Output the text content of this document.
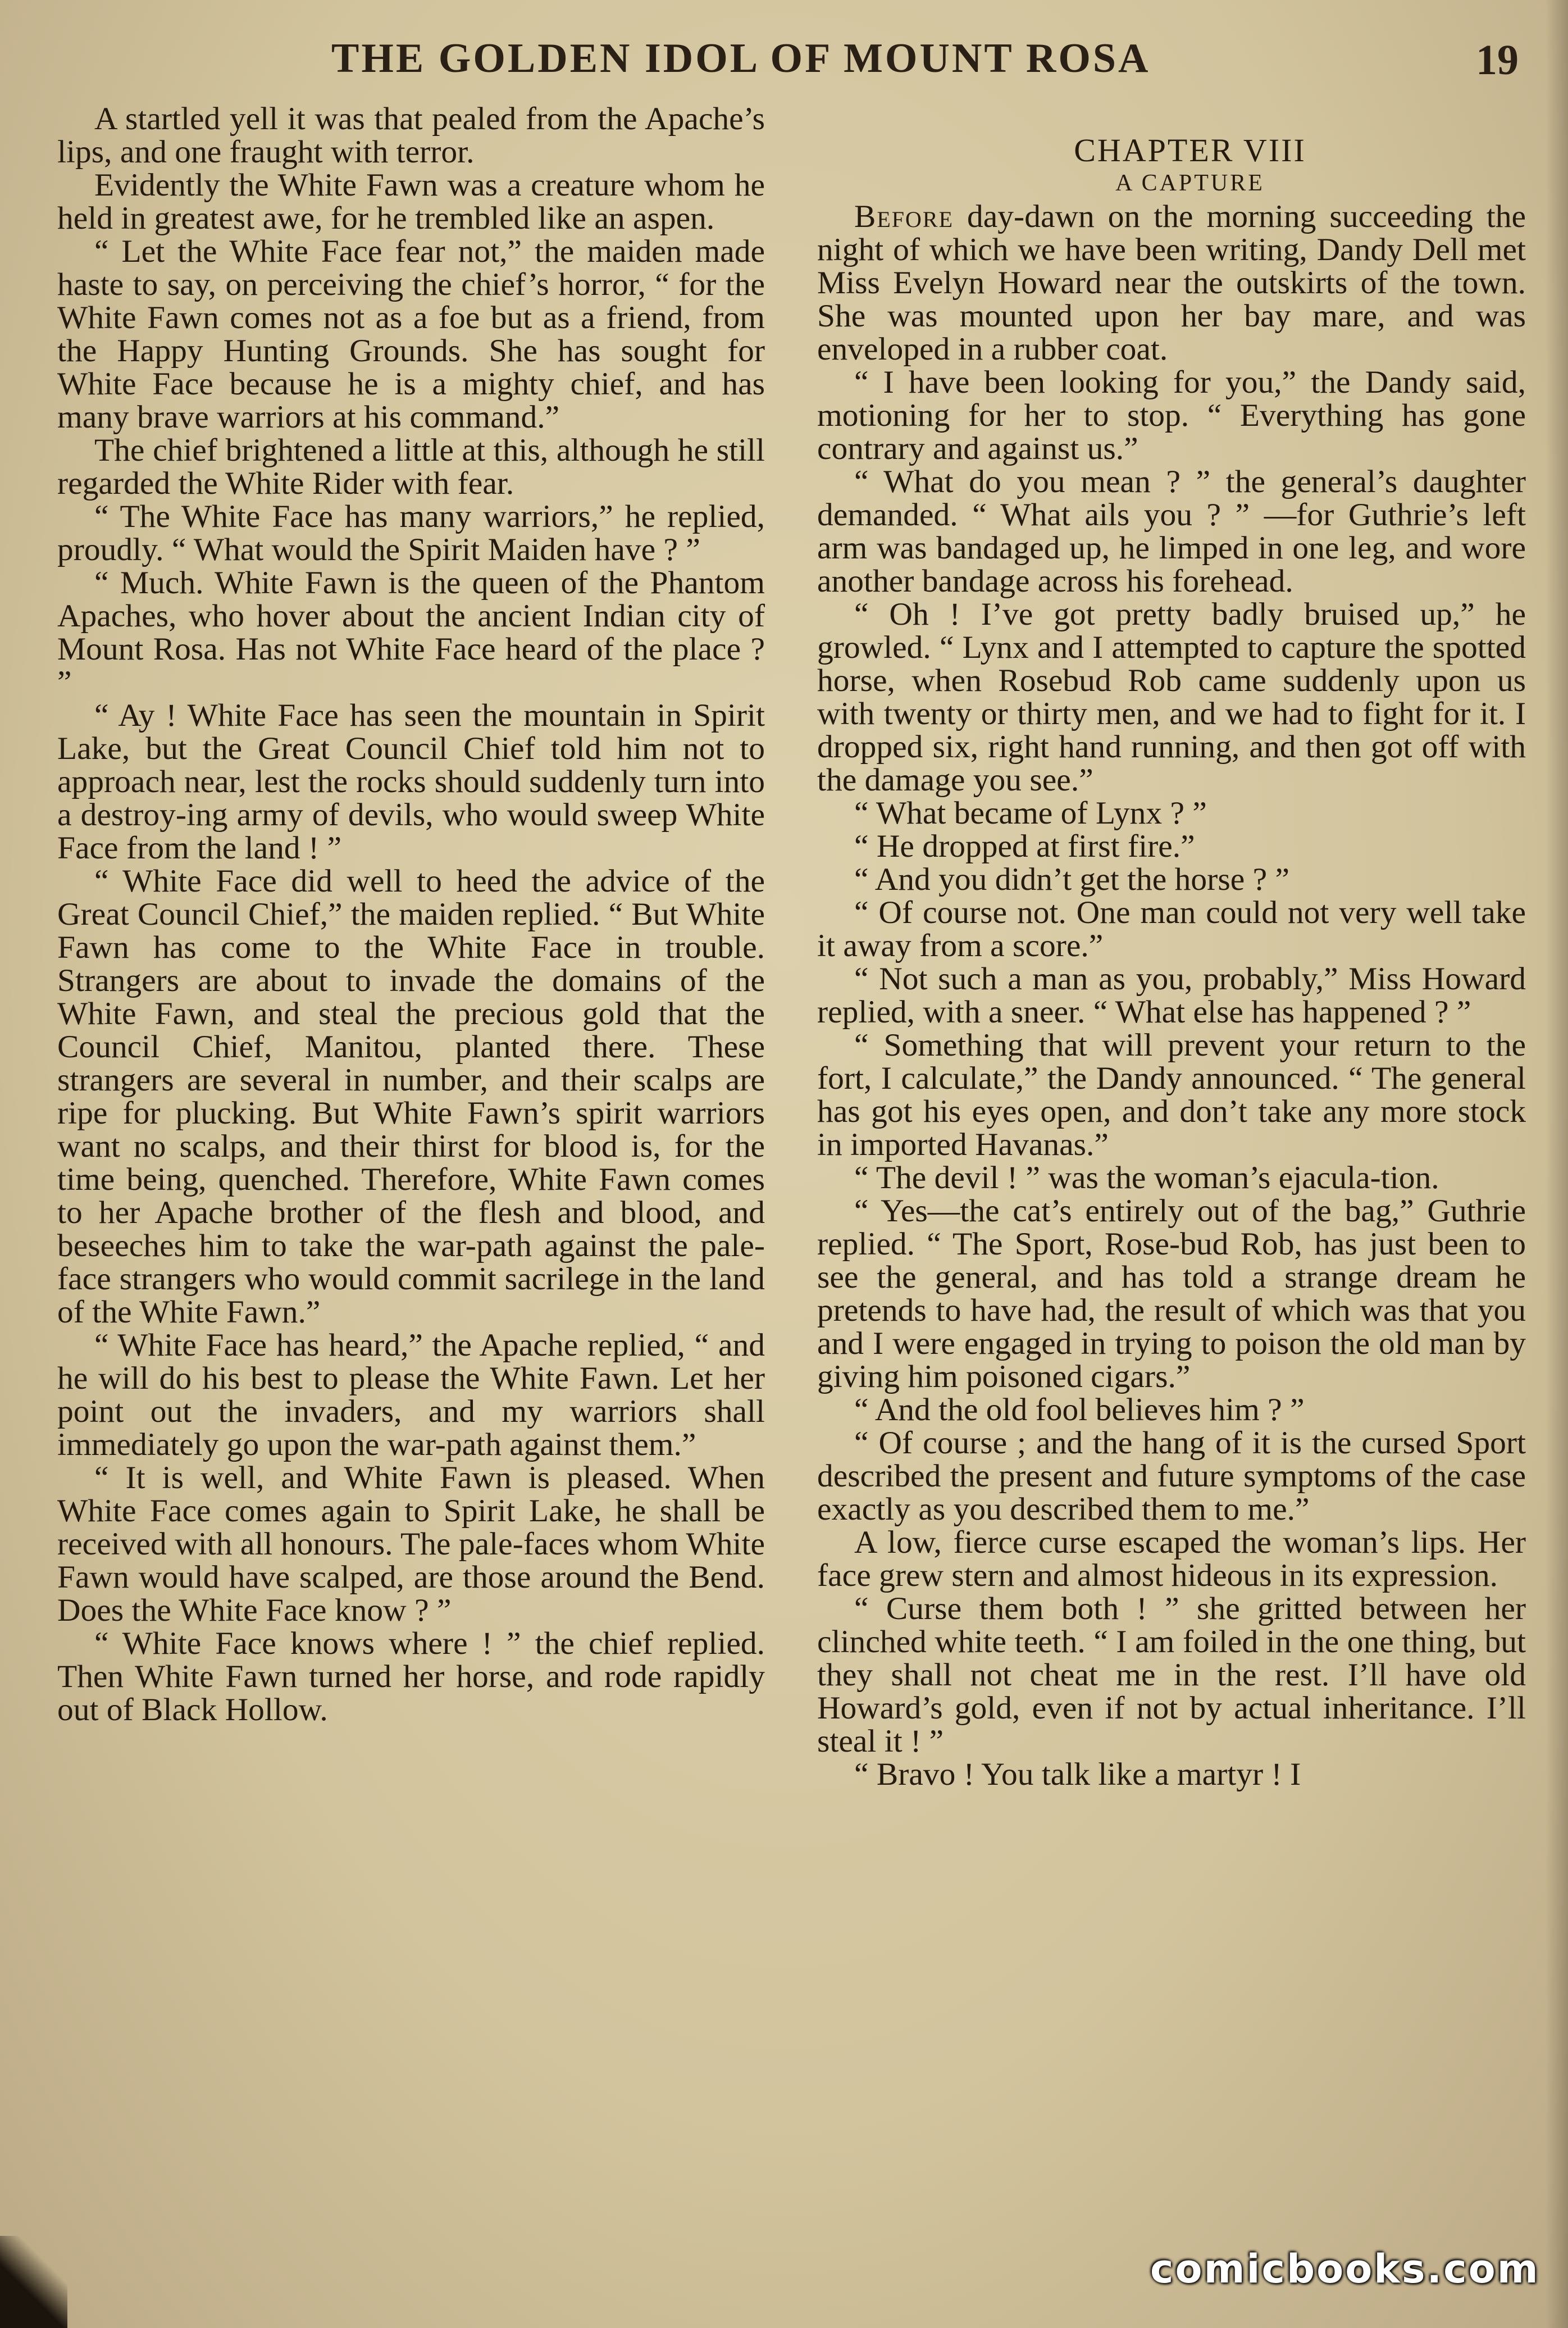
THE GOLDEN IDOL OF MOUNT ROSA	19

A startled yell it was that pealed from the Apache’s lips, and one fraught with terror.

Evidently the White Fawn was a creature whom he held in greatest awe, for he trembled like an aspen.

“ Let the White Face fear not,” the maiden made haste to say, on perceiving the chief’s horror, “ for the White Fawn comes not as a foe but as a friend, from the Happy Hunting Grounds. She has sought for White Face because he is a mighty chief, and has many brave warriors at his command.”

The chief brightened a little at this, although he still regarded the White Rider with fear.

“ The White Face has many warriors,” he replied, proudly. “ What would the Spirit Maiden have ? ”

“ Much. White Fawn is the queen of the Phantom Apaches, who hover about the ancient Indian city of Mount Rosa. Has not White Face heard of the place ? ”

“ Ay ! White Face has seen the mountain in Spirit Lake, but the Great Council Chief told him not to approach near, lest the rocks should suddenly turn into a destroy-ing army of devils, who would sweep White Face from the land ! ”

“ White Face did well to heed the advice of the Great Council Chief,” the maiden replied. “ But White Fawn has come to the White Face in trouble. Strangers are about to invade the domains of the White Fawn, and steal the precious gold that the Council Chief, Manitou, planted there. These strangers are several in number, and their scalps are ripe for plucking. But White Fawn’s spirit warriors want no scalps, and their thirst for blood is, for the time being, quenched. Therefore, White Fawn comes to her Apache brother of the flesh and blood, and beseeches him to take the war-path against the pale-face strangers who would commit sacrilege in the land of the White Fawn.”

“ White Face has heard,” the Apache replied, “ and he will do his best to please the White Fawn. Let her point out the invaders, and my warriors shall immediately go upon the war-path against them.”

“ It is well, and White Fawn is pleased. When White Face comes again to Spirit Lake, he shall be received with all honours. The pale-faces whom White Fawn would have scalped, are those around the Bend. Does the White Face know ? ”

“ White Face knows where ! ” the chief replied. Then White Fawn turned her horse, and rode rapidly out of Black Hollow.

CHAPTER VIII

A CAPTURE

Before day-dawn on the morning succeeding the night of which we have been writing, Dandy Dell met Miss Evelyn Howard near the outskirts of the town. She was mounted upon her bay mare, and was enveloped in a rubber coat.

“ I have been looking for you,” the Dandy said, motioning for her to stop. “ Everything has gone contrary and against us.”

“ What do you mean ? ” the general’s daughter demanded. “ What ails you ? ” —for Guthrie’s left arm was bandaged up, he limped in one leg, and wore another bandage across his forehead.

“ Oh ! I’ve got pretty badly bruised up,” he growled. “ Lynx and I attempted to capture the spotted horse, when Rosebud Rob came suddenly upon us with twenty or thirty men, and we had to fight for it. I dropped six, right hand running, and then got off with the damage you see.”

“ What became of Lynx ? ”

“ He dropped at first fire.”

“ And you didn’t get the horse ? ”

“ Of course not. One man could not very well take it away from a score.”

“ Not such a man as you, probably,” Miss Howard replied, with a sneer. “ What else has happened ? ”

“ Something that will prevent your return to the fort, I calculate,” the Dandy announced. “ The general has got his eyes open, and don’t take any more stock in imported Havanas.”

“ The devil ! ” was the woman’s ejacula-tion.

“ Yes—the cat’s entirely out of the bag,” Guthrie replied. “ The Sport, Rose-bud Rob, has just been to see the general, and has told a strange dream he pretends to have had, the result of which was that you and I were engaged in trying to poison the old man by giving him poisoned cigars.”

“ And the old fool believes him ? ”

“ Of course ; and the hang of it is the cursed Sport described the present and future symptoms of the case exactly as you described them to me.”

A low, fierce curse escaped the woman’s lips. Her face grew stern and almost hideous in its expression.

“ Curse them both ! ” she gritted between her clinched white teeth. “ I am foiled in the one thing, but they shall not cheat me in the rest. I’ll have old Howard’s gold, even if not by actual inheritance. I’ll steal it ! ”

“ Bravo ! You talk like a martyr ! I

comicbooks.com
